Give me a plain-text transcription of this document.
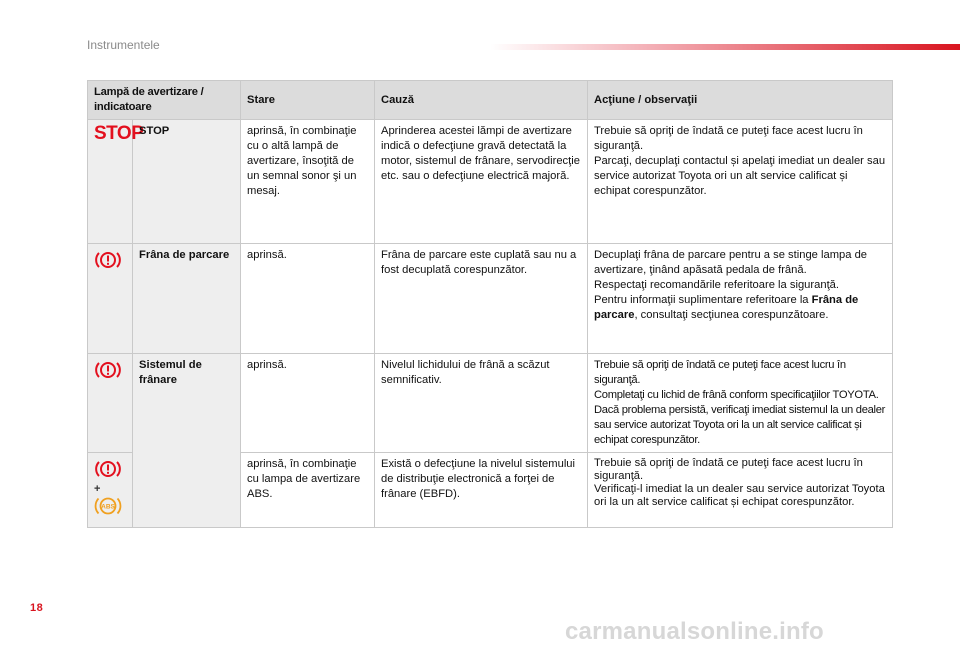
Instrumentele
Lampă de avertizare / indicatoare		Stare	Cauză	Acţiune / observaţii
STOP	STOP	aprinsă, în combinaţie cu o altă lampă de avertizare, însoţită de un semnal sonor şi un mesaj.	Aprinderea acestei lămpi de avertizare indică o defecţiune gravă detectată la motor, sistemul de frânare, servodirecţie etc. sau o defecţiune electrică majoră.	Trebuie să opriţi de îndată ce puteţi face acest lucru în siguranţă.
Parcaţi, decuplaţi contactul și apelaţi imediat un dealer sau service autorizat Toyota ori un alt service calificat și echipat corespunzător.
	Frâna de parcare	aprinsă.	Frâna de parcare este cuplată sau nu a fost decuplată corespunzător.	Decuplaţi frâna de parcare pentru a se stinge lampa de avertizare, ţinând apăsată pedala de frână.
Respectaţi recomandările referitoare la siguranţă.
Pentru informaţii suplimentare referitoare la Frâna de parcare, consultaţi secţiunea corespunzătoare.
	Sistemul de frânare	aprinsă.	Nivelul lichidului de frână a scăzut semnificativ.	Trebuie să opriţi de îndată ce puteţi face acest lucru în siguranţă.
Completaţi cu lichid de frână conform specificaţiilor TOYOTA.
Dacă problema persistă, verificaţi imediat sistemul la un dealer sau service autorizat Toyota ori la un alt service calificat și echipat corespunzător.

+
ABS		aprinsă, în combinaţie cu lampa de avertizare ABS.	Există o defecţiune la nivelul sistemului de distribuţie electronică a forţei de frânare (EBFD).	Trebuie să opriţi de îndată ce puteţi face acest lucru în siguranţă.
Verificaţi-l imediat la un dealer sau service autorizat Toyota ori la un alt service calificat și echipat corespunzător.
18
carmanualsonline.info
